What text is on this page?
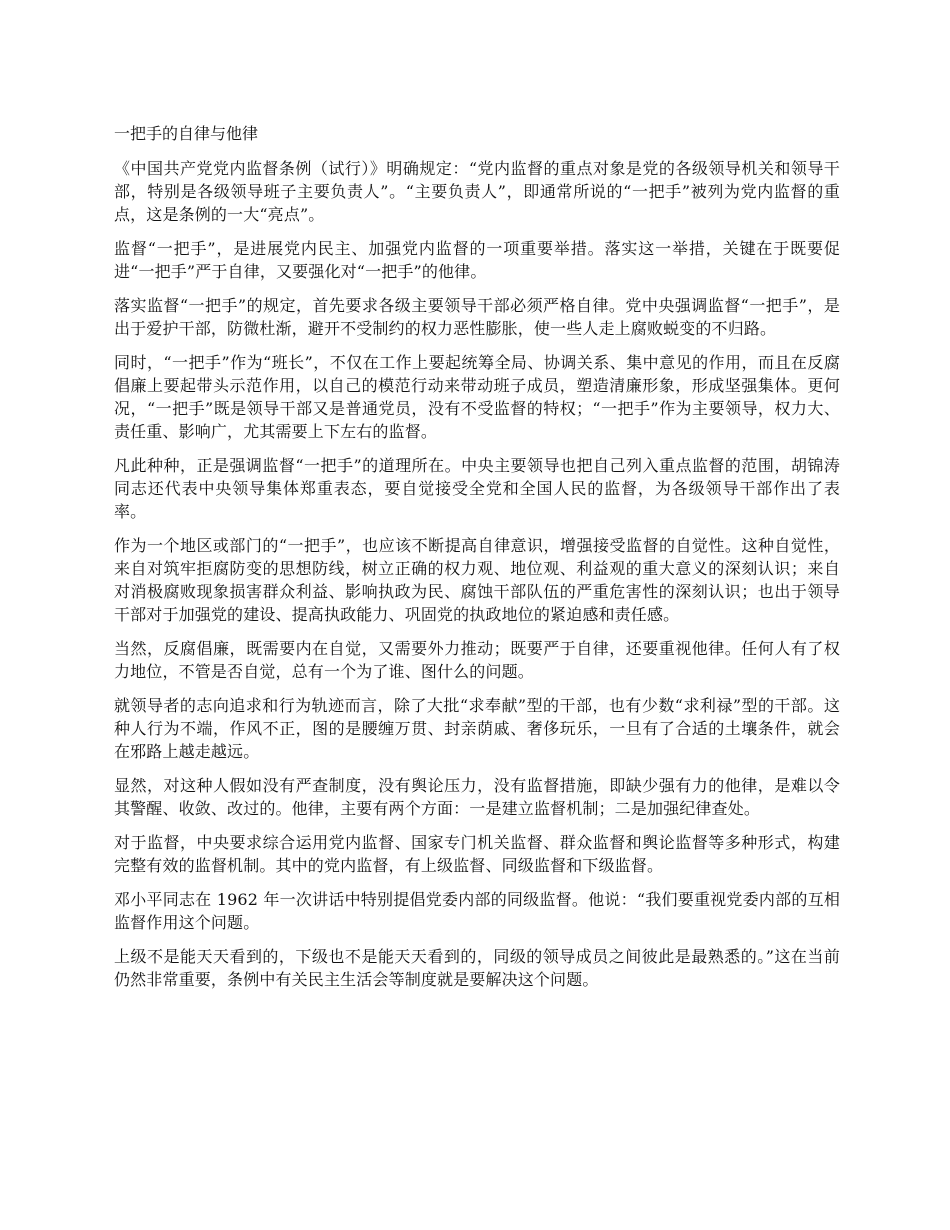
一把手的自律与他律

《中国共产党党内监督条例（试行）》明确规定：“党内监督的重点对象是党的各级领导机关和领导干部，特别是各级领导班子主要负责人”。“主要负责人”，即通常所说的“一把手”被列为党内监督的重点，这是条例的一大“亮点”。

监督“一把手”，是进展党内民主、加强党内监督的一项重要举措。落实这一举措，关键在于既要促进“一把手”严于自律，又要强化对“一把手”的他律。

落实监督“一把手”的规定，首先要求各级主要领导干部必须严格自律。党中央强调监督“一把手”，是出于爱护干部，防微杜渐，避开不受制约的权力恶性膨胀，使一些人走上腐败蜕变的不归路。

同时，“一把手”作为“班长”，不仅在工作上要起统筹全局、协调关系、集中意见的作用，而且在反腐倡廉上要起带头示范作用，以自己的模范行动来带动班子成员，塑造清廉形象，形成坚强集体。更何况，“一把手”既是领导干部又是普通党员，没有不受监督的特权；“一把手”作为主要领导，权力大、责任重、影响广，尤其需要上下左右的监督。

凡此种种，正是强调监督“一把手”的道理所在。中央主要领导也把自己列入重点监督的范围，胡锦涛同志还代表中央领导集体郑重表态，要自觉接受全党和全国人民的监督，为各级领导干部作出了表率。

作为一个地区或部门的“一把手”，也应该不断提高自律意识，增强接受监督的自觉性。这种自觉性，来自对筑牢拒腐防变的思想防线，树立正确的权力观、地位观、利益观的重大意义的深刻认识；来自对消极腐败现象损害群众利益、影响执政为民、腐蚀干部队伍的严重危害性的深刻认识；也出于领导干部对于加强党的建设、提高执政能力、巩固党的执政地位的紧迫感和责任感。

当然，反腐倡廉，既需要内在自觉，又需要外力推动；既要严于自律，还要重视他律。任何人有了权力地位，不管是否自觉，总有一个为了谁、图什么的问题。

就领导者的志向追求和行为轨迹而言，除了大批“求奉献”型的干部，也有少数“求利禄”型的干部。这种人行为不端，作风不正，图的是腰缠万贯、封亲荫戚、奢侈玩乐，一旦有了合适的土壤条件，就会在邪路上越走越远。

显然，对这种人假如没有严查制度，没有舆论压力，没有监督措施，即缺少强有力的他律，是难以令其警醒、收敛、改过的。他律，主要有两个方面：一是建立监督机制；二是加强纪律查处。

对于监督，中央要求综合运用党内监督、国家专门机关监督、群众监督和舆论监督等多种形式，构建完整有效的监督机制。其中的党内监督，有上级监督、同级监督和下级监督。

邓小平同志在 1962 年一次讲话中特别提倡党委内部的同级监督。他说：“我们要重视党委内部的互相监督作用这个问题。

上级不是能天天看到的，下级也不是能天天看到的，同级的领导成员之间彼此是最熟悉的。”这在当前仍然非常重要，条例中有关民主生活会等制度就是要解决这个问题。
